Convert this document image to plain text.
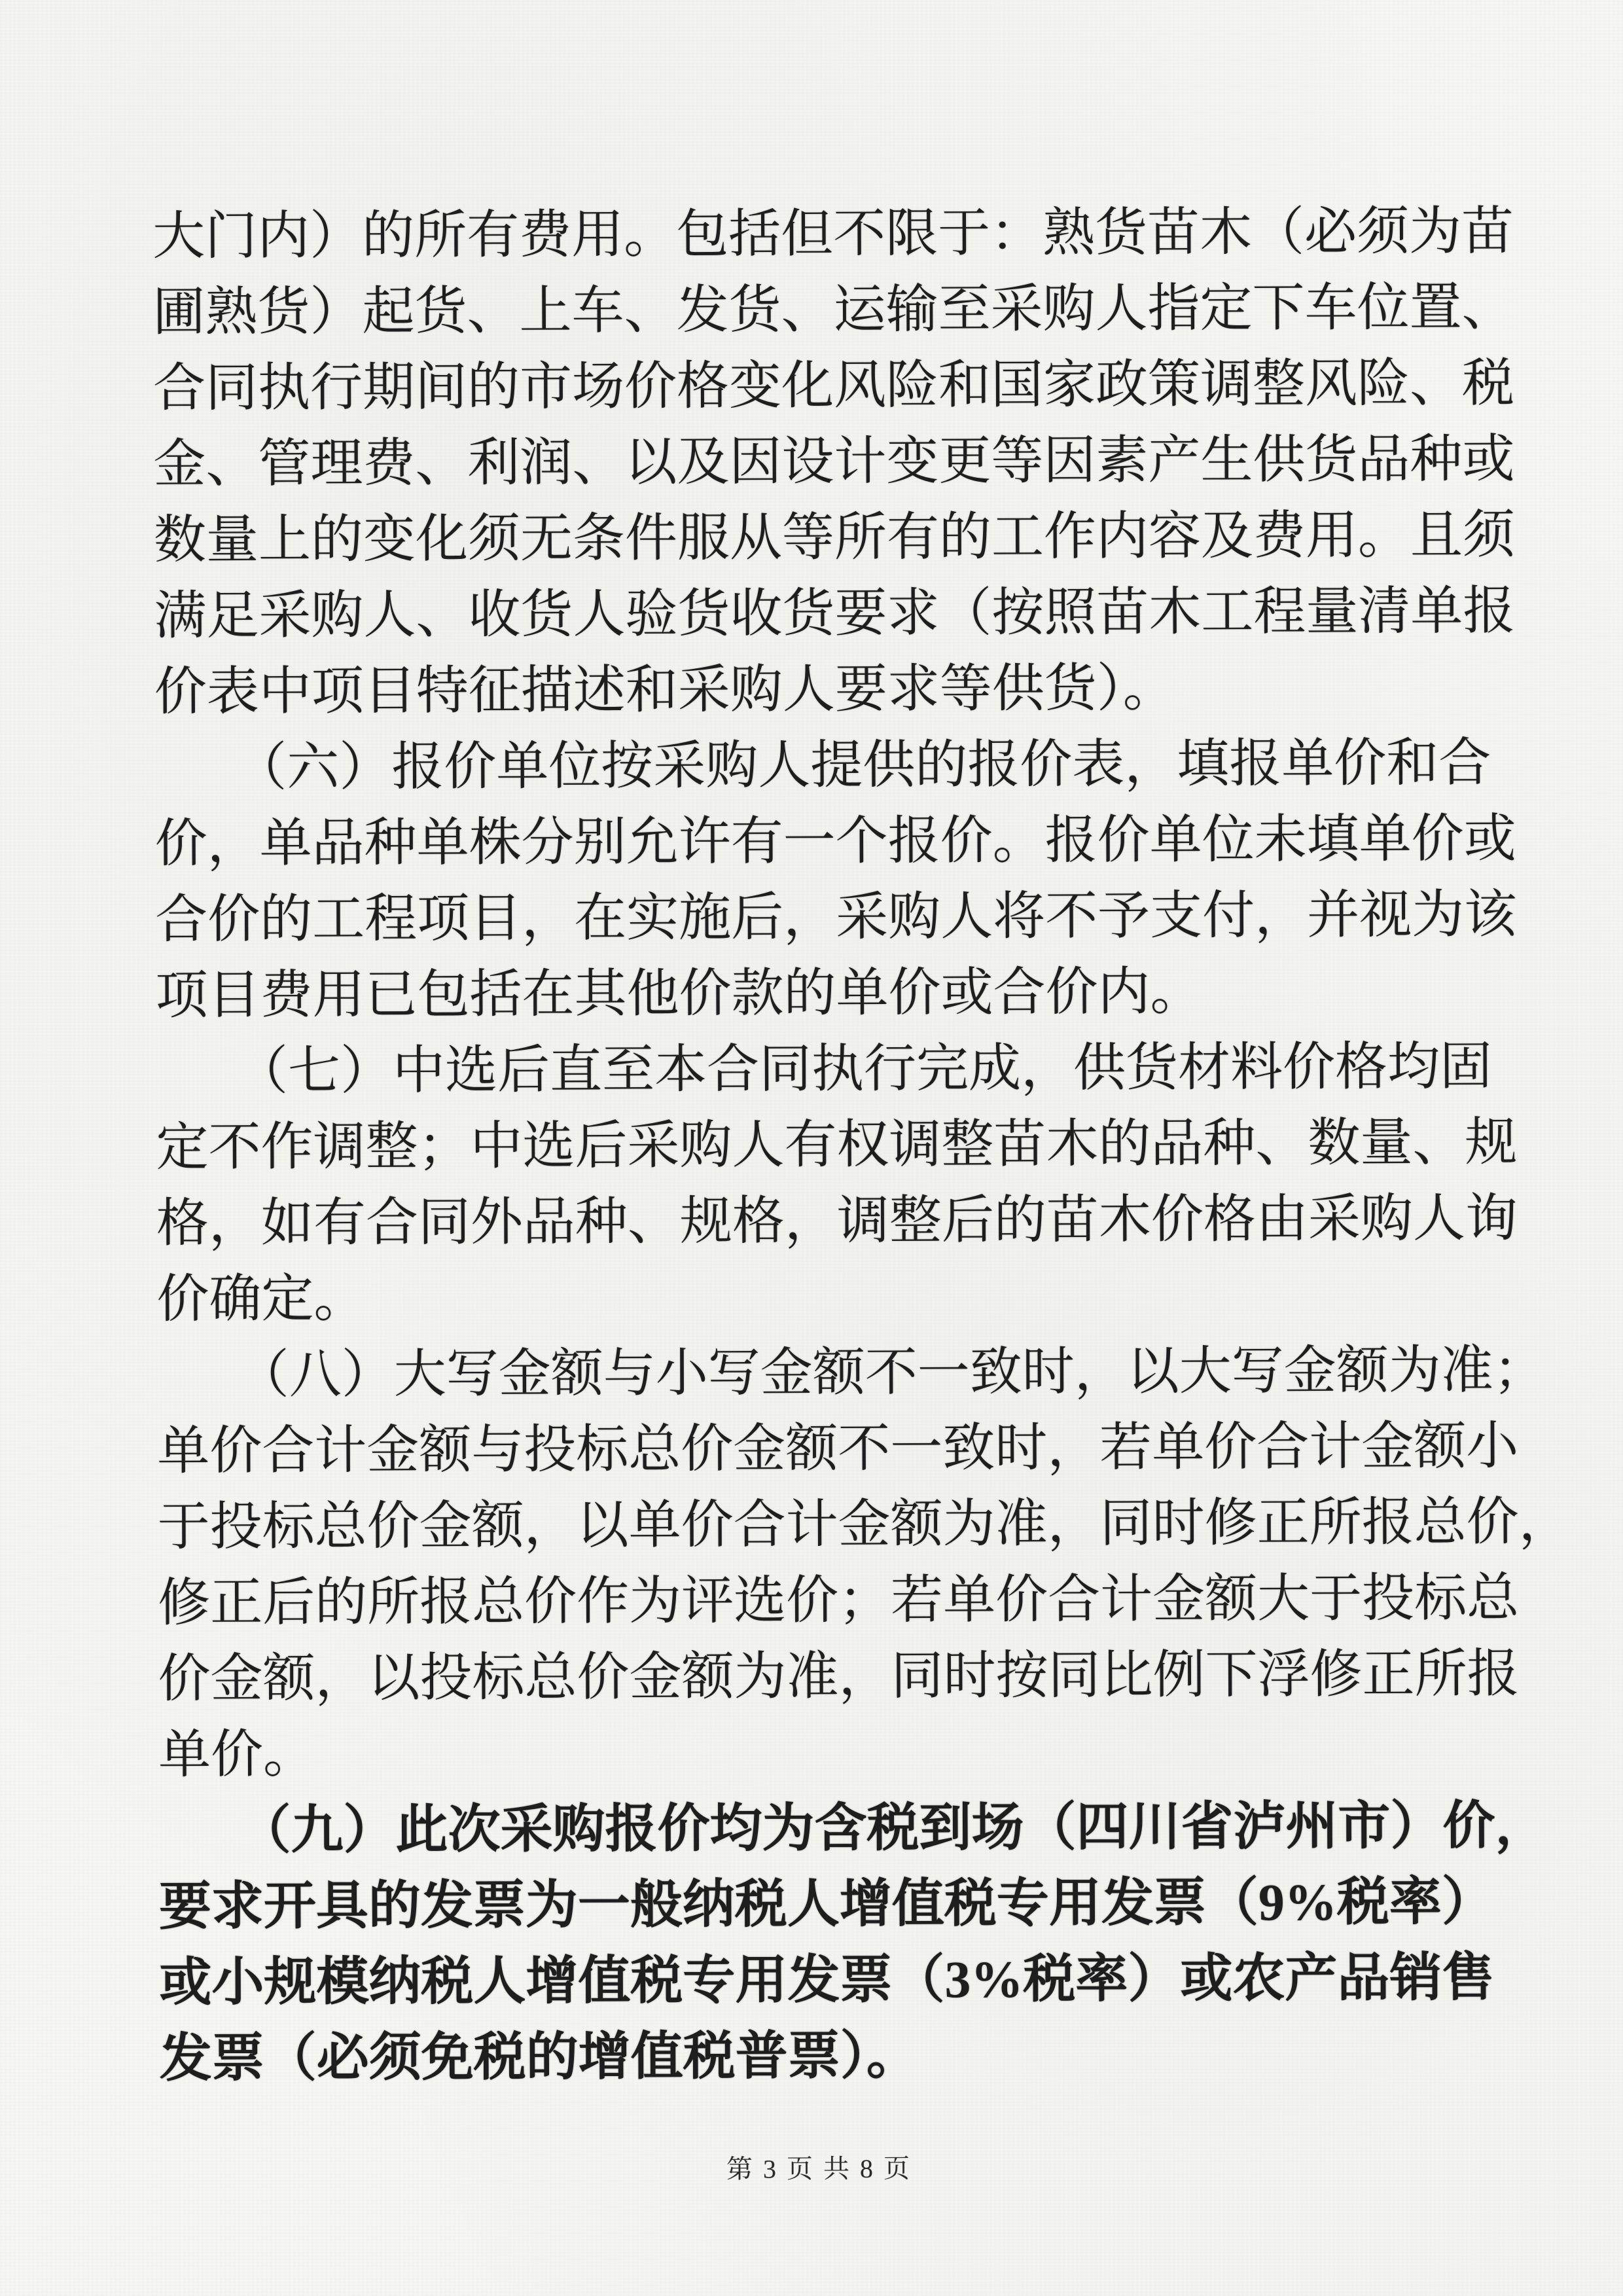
大门内）的所有费用。包括但不限于：熟货苗木（必须为苗
圃熟货）起货、上车、发货、运输至采购人指定下车位置、
合同执行期间的市场价格变化风险和国家政策调整风险、税
金、管理费、利润、以及因设计变更等因素产生供货品种或
数量上的变化须无条件服从等所有的工作内容及费用。且须
满足采购人、收货人验货收货要求（按照苗木工程量清单报
价表中项目特征描述和采购人要求等供货）。

（六）报价单位按采购人提供的报价表，填报单价和合
价，单品种单株分别允许有一个报价。报价单位未填单价或
合价的工程项目，在实施后，采购人将不予支付，并视为该
项目费用已包括在其他价款的单价或合价内。

（七）中选后直至本合同执行完成，供货材料价格均固
定不作调整；中选后采购人有权调整苗木的品种、数量、规
格，如有合同外品种、规格，调整后的苗木价格由采购人询
价确定。

（八）大写金额与小写金额不一致时，以大写金额为准；
单价合计金额与投标总价金额不一致时，若单价合计金额小
于投标总价金额，以单价合计金额为准，同时修正所报总价，
修正后的所报总价作为评选价；若单价合计金额大于投标总
价金额，以投标总价金额为准，同时按同比例下浮修正所报
单价。

（九）此次采购报价均为含税到场（四川省泸州市）价，
要求开具的发票为一般纳税人增值税专用发票（9%税率）
或小规模纳税人增值税专用发票（3%税率）或农产品销售
发票（必须免税的增值税普票）。

第 3 页 共 8 页
